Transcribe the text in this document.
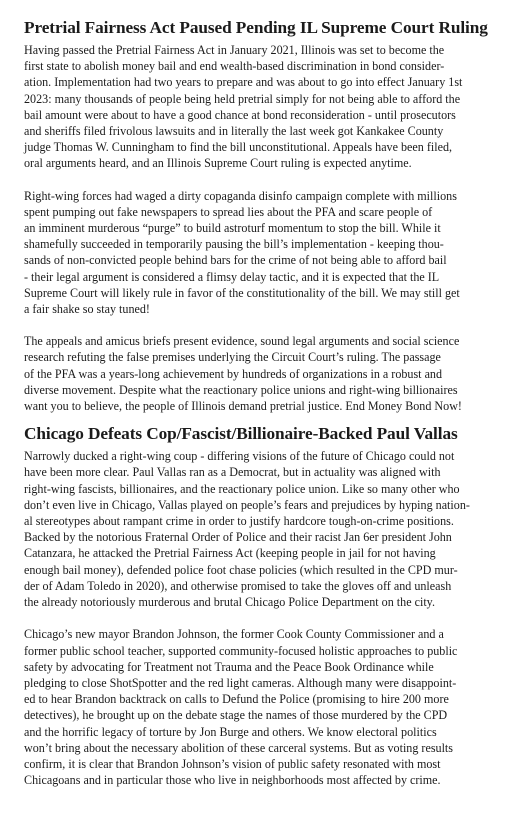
Pretrial Fairness Act Paused Pending IL Supreme Court Ruling

Having passed the Pretrial Fairness Act in January 2021, Illinois was set to become the
first state to abolish money bail and end wealth-based discrimination in bond consider-
ation. Implementation had two years to prepare and was about to go into effect January 1st
2023: many thousands of people being held pretrial simply for not being able to afford the
bail amount were about to have a good chance at bond reconsideration - until prosecutors
and sheriffs filed frivolous lawsuits and in literally the last week got Kankakee County
judge Thomas W. Cunningham to find the bill unconstitutional. Appeals have been filed,
oral arguments heard, and an Illinois Supreme Court ruling is expected anytime.

Right-wing forces had waged a dirty copaganda disinfo campaign complete with millions
spent pumping out fake newspapers to spread lies about the PFA and scare people of
an imminent murderous “purge” to build astroturf momentum to stop the bill. While it
shamefully succeeded in temporarily pausing the bill’s implementation - keeping thou-
sands of non-convicted people behind bars for the crime of not being able to afford bail
- their legal argument is considered a flimsy delay tactic, and it is expected that the IL
Supreme Court will likely rule in favor of the constitutionality of the bill. We may still get
a fair shake so stay tuned!

The appeals and amicus briefs present evidence, sound legal arguments and social science
research refuting the false premises underlying the Circuit Court’s ruling. The passage
of the PFA was a years-long achievement by hundreds of organizations in a robust and
diverse movement. Despite what the reactionary police unions and right-wing billionaires
want you to believe, the people of Illinois demand pretrial justice. End Money Bond Now!

Chicago Defeats Cop/Fascist/Billionaire-Backed Paul Vallas

Narrowly ducked a right-wing coup - differing visions of the future of Chicago could not
have been more clear. Paul Vallas ran as a Democrat, but in actuality was aligned with
right-wing fascists, billionaires, and the reactionary police union. Like so many other who
don’t even live in Chicago, Vallas played on people’s fears and prejudices by hyping nation-
al stereotypes about rampant crime in order to justify hardcore tough-on-crime positions.
Backed by the notorious Fraternal Order of Police and their racist Jan 6er president John
Catanzara, he attacked the Pretrial Fairness Act (keeping people in jail for not having
enough bail money), defended police foot chase policies (which resulted in the CPD mur-
der of Adam Toledo in 2020), and otherwise promised to take the gloves off and unleash
the already notoriously murderous and brutal Chicago Police Department on the city.

Chicago’s new mayor Brandon Johnson, the former Cook County Commissioner and a
former public school teacher, supported community-focused holistic approaches to public
safety by advocating for Treatment not Trauma and the Peace Book Ordinance while
pledging to close ShotSpotter and the red light cameras. Although many were disappoint-
ed to hear Brandon backtrack on calls to Defund the Police (promising to hire 200 more
detectives), he brought up on the debate stage the names of those murdered by the CPD
and the horrific legacy of torture by Jon Burge and others. We know electoral politics
won’t bring about the necessary abolition of these carceral systems. But as voting results
confirm, it is clear that Brandon Johnson’s vision of public safety resonated with most
Chicagoans and in particular those who live in neighborhoods most affected by crime.
